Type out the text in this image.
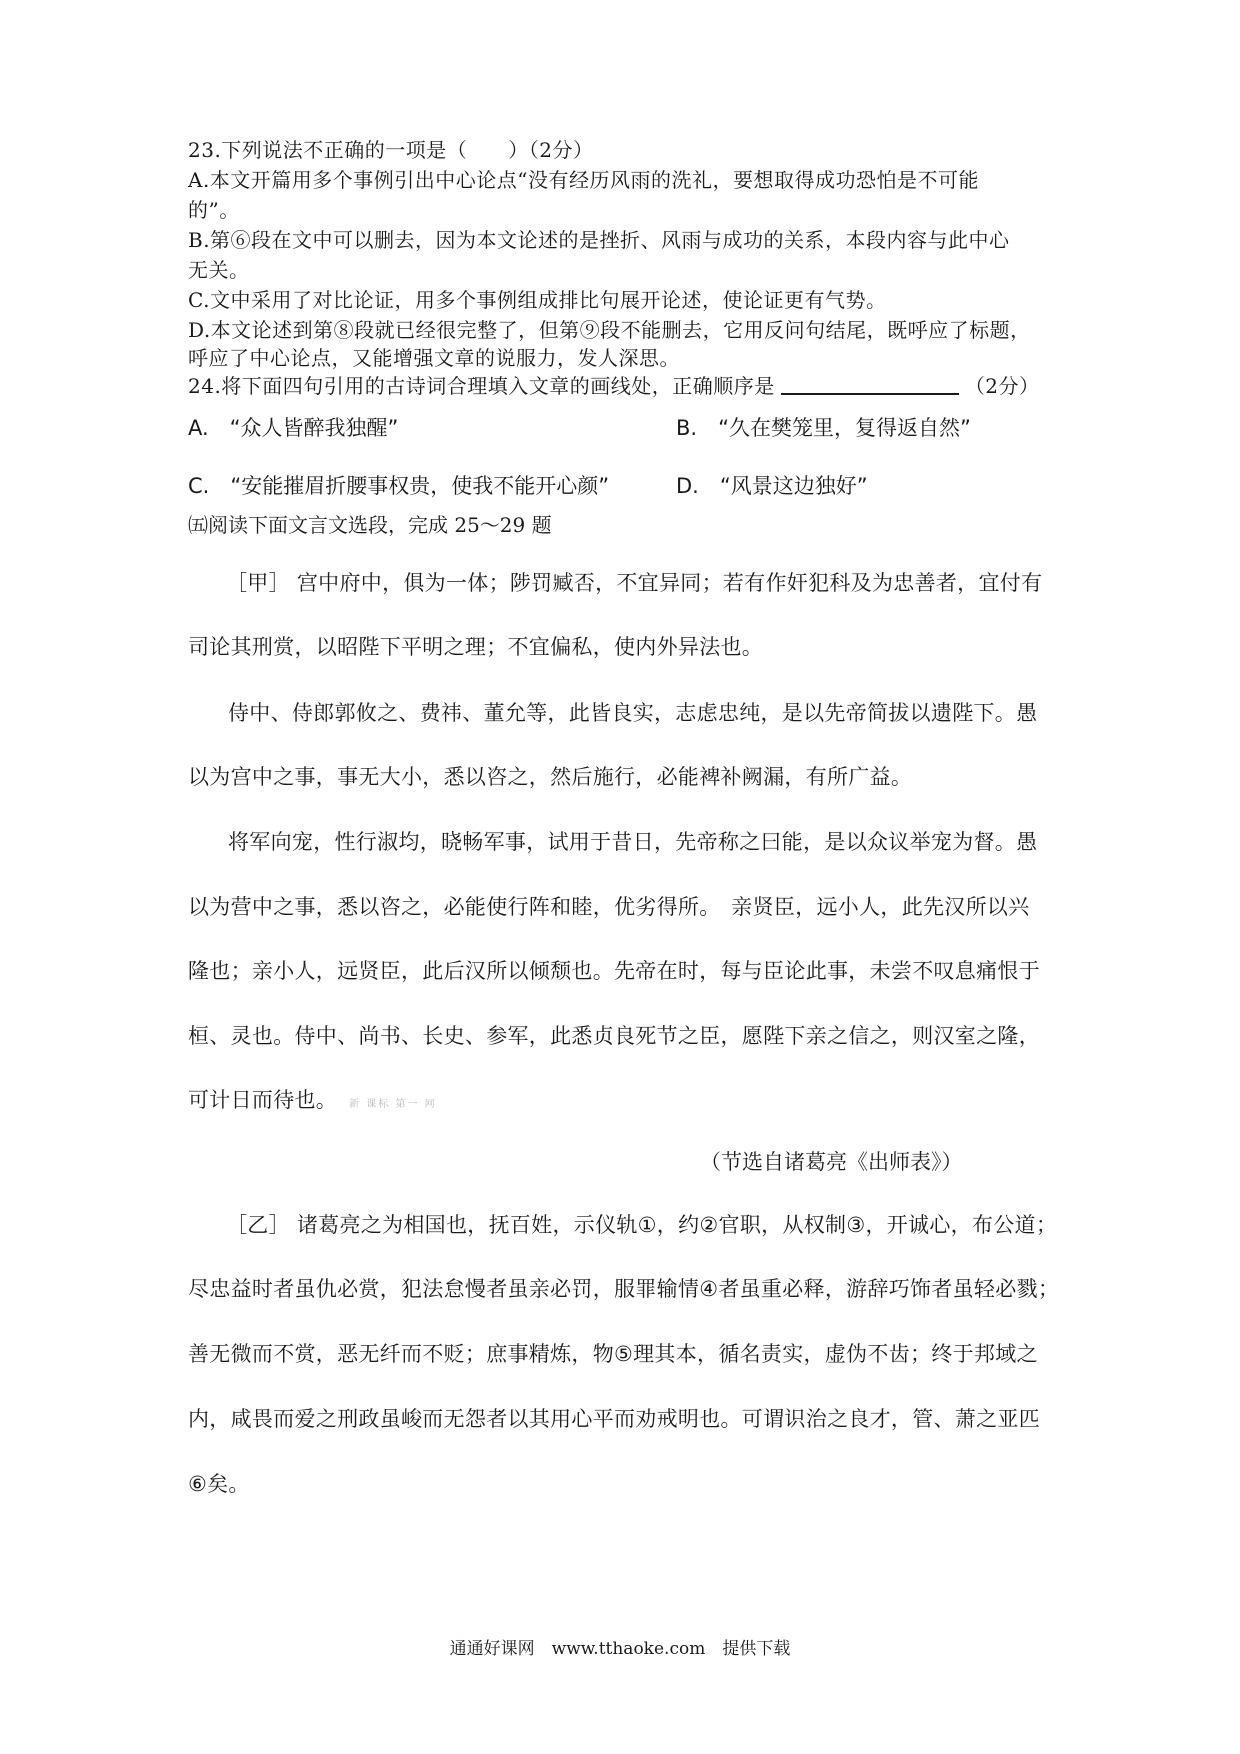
23.下列说法不正确的一项是（　　）（2分）
A.本文开篇用多个事例引出中心论点“没有经历风雨的洗礼，要想取得成功恐怕是不可能
的”。
B.第⑥段在文中可以删去，因为本文论述的是挫折、风雨与成功的关系，本段内容与此中心
无关。
C.文中采用了对比论证，用多个事例组成排比句展开论述，使论证更有气势。
D.本文论述到第⑧段就已经很完整了，但第⑨段不能删去，它用反问句结尾，既呼应了标题，
呼应了中心论点，又能增强文章的说服力，发人深思。
24.将下面四句引用的古诗词合理填入文章的画线处，正确顺序是	（2分）
A.　“众人皆醉我独醒”	B.　“久在樊笼里，复得返自然”
C.　“安能摧眉折腰事权贵，使我不能开心颜”	D.　“风景这边独好”
㈤阅读下面文言文选段，完成 25～29 题
［甲］ 宫中府中，俱为一体；陟罚臧否，不宜异同；若有作奸犯科及为忠善者，宜付有
司论其刑赏，以昭陛下平明之理；不宜偏私，使内外异法也。
侍中、侍郎郭攸之、费祎、董允等，此皆良实，志虑忠纯，是以先帝简拔以遗陛下。愚
以为宫中之事，事无大小，悉以咨之，然后施行，必能裨补阙漏，有所广益。
将军向宠，性行淑均，晓畅军事，试用于昔日，先帝称之曰能，是以众议举宠为督。愚
以为营中之事，悉以咨之，必能使行阵和睦，优劣得所。　亲贤臣，远小人，此先汉所以兴
隆也；亲小人，远贤臣，此后汉所以倾颓也。先帝在时，每与臣论此事，未尝不叹息痛恨于
桓、灵也。侍中、尚书、长史、参军，此悉贞良死节之臣，愿陛下亲之信之，则汉室之隆，
可计日而待也。 新 课标 第一 网
（节选自诸葛亮《出师表》）
［乙］ 诸葛亮之为相国也，抚百姓，示仪轨①，约②官职，从权制③，开诚心，布公道；
尽忠益时者虽仇必赏，犯法怠慢者虽亲必罚，服罪输情④者虽重必释，游辞巧饰者虽轻必戮；
善无微而不赏，恶无纤而不贬；庶事精炼，物⑤理其本，循名责实，虚伪不齿；终于邦域之
内，咸畏而爱之刑政虽峻而无怨者以其用心平而劝戒明也。可谓识治之良才，管、萧之亚匹
⑥矣。
通通好课网　www.tthaoke.com　提供下载
